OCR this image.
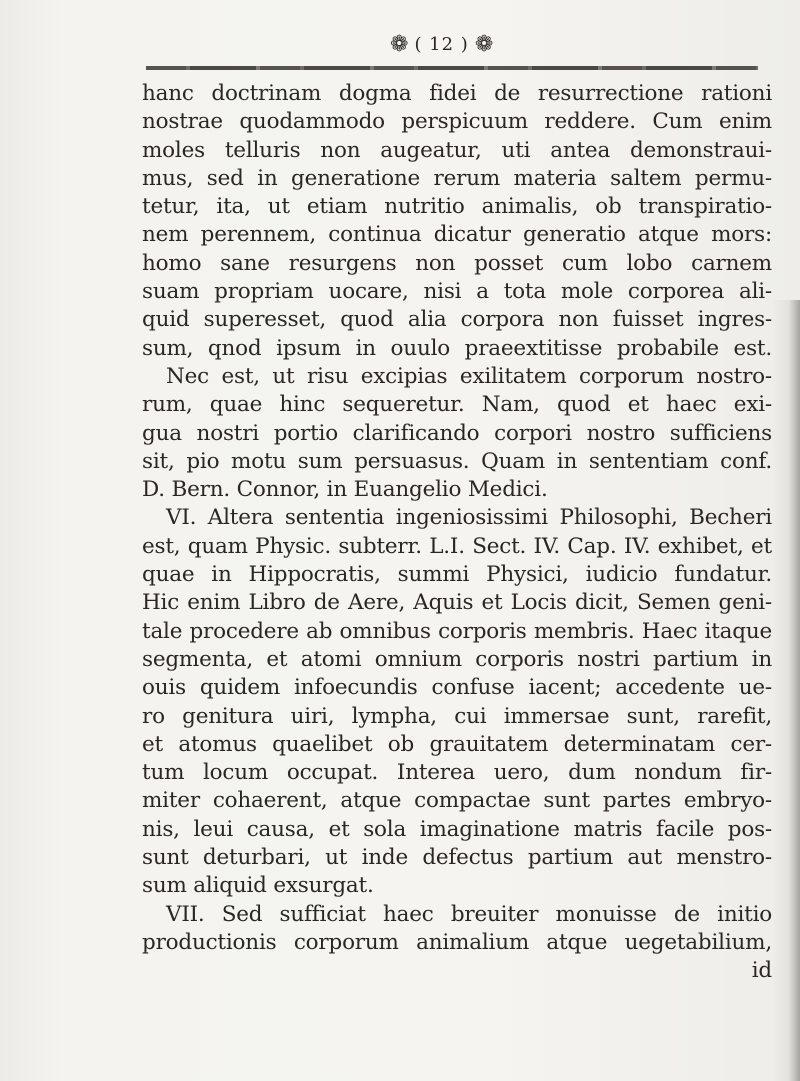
❁ ( 12 ) ❁
hanc doctrinam dogma fidei de resurrectione rationi
nostrae quodammodo perspicuum reddere. Cum enim
moles telluris non augeatur, uti antea demonstraui-
mus, sed in generatione rerum materia saltem permu-
tetur, ita, ut etiam nutritio animalis, ob transpiratio-
nem perennem, continua dicatur generatio atque mors:
homo sane resurgens non posset cum lobo carnem
suam propriam uocare, nisi a tota mole corporea ali-
quid superesset, quod alia corpora non fuisset ingres-
sum, qnod ipsum in ouulo praeextitisse probabile est.
Nec est, ut risu excipias exilitatem corporum nostro-
rum, quae hinc sequeretur. Nam, quod et haec exi-
gua nostri portio clarificando corpori nostro sufficiens
sit, pio motu sum persuasus. Quam in sententiam conf.
D. Bern. Connor, in Euangelio Medici.
VI. Altera sententia ingeniosissimi Philosophi, Becheri
est, quam Physic. subterr. L.I. Sect. IV. Cap. IV. exhibet, et
quae in Hippocratis, summi Physici, iudicio fundatur.
Hic enim Libro de Aere, Aquis et Locis dicit, Semen geni-
tale procedere ab omnibus corporis membris. Haec itaque
segmenta, et atomi omnium corporis nostri partium in
ouis quidem infoecundis confuse iacent; accedente ue-
ro genitura uiri, lympha, cui immersae sunt, rarefit,
et atomus quaelibet ob grauitatem determinatam cer-
tum locum occupat. Interea uero, dum nondum fir-
miter cohaerent, atque compactae sunt partes embryo-
nis, leui causa, et sola imaginatione matris facile pos-
sunt deturbari, ut inde defectus partium aut menstro-
sum aliquid exsurgat.
VII. Sed sufficiat haec breuiter monuisse de initio
productionis corporum animalium atque uegetabilium,
id
